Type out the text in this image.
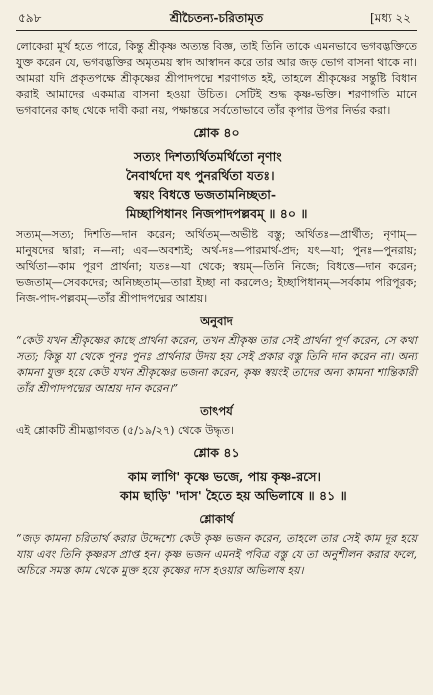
৫৯৮	শ্রীচৈতন্য-চরিতামৃত	[মধ্য ২২

লোকেরা মূর্খ হতে পারে, কিন্তু শ্রীকৃষ্ণ অত্যন্ত বিজ্ঞ, তাই তিনি তাকে এমনভাবে ভগবদ্ভক্তিতে যুক্ত করেন যে, ভগবদ্ভক্তির অমৃতময় স্বাদ আস্বাদন করে তার আর জড় ভোগ বাসনা থাকে না। আমরা যদি প্রকৃতপক্ষে শ্রীকৃষ্ণের শ্রীপাদপদ্মে শরণাগত হই, তাহলে শ্রীকৃষ্ণের সন্তুষ্টি বিধান করাই আমাদের একমাত্র বাসনা হওয়া উচিত। সেটিই শুদ্ধ কৃষ্ণ-ভক্তি। শরণাগতি মানে ভগবানের কাছ থেকে দাবী করা নয়, পক্ষান্তরে সর্বতোভাবে তাঁর কৃপার উপর নির্ভর করা।

শ্লোক ৪০
সত্যং দিশত্যর্থিতমর্থিতো নৃণাং
নৈবার্থদো যৎ পুনরর্থিতা যতঃ।
স্বয়ং বিধত্তে ভজতামনিচ্ছতা-
মিচ্ছাপিধানং নিজপাদপল্লবম্ ॥ ৪০ ॥

সত্যম্—সত্য; দিশতি—দান করেন; অর্থিতম্—অভীষ্ট বস্তু; অর্থিতঃ—প্রার্থীত; নৃণাম্—মানুষদের দ্বারা; ন—না; এব—অবশ্যই; অর্থ-দঃ—পারমার্থ-প্রদ; যৎ—যা; পুনঃ—পুনরায়; অর্থিতা—কাম পূরণ প্রার্থনা; যতঃ—যা থেকে; স্বয়ম্—তিনি নিজে; বিধত্তে—দান করেন; ভজতাম্—সেবকদের; অনিচ্ছতাম্—তারা ইচ্ছা না করলেও; ইচ্ছাপিধানম্—সর্বকাম পরিপূরক; নিজ-পাদ-পল্লবম্—তাঁর শ্রীপাদপদ্মের আশ্রয়।

অনুবাদ

“কেউ যখন শ্রীকৃষ্ণের কাছে প্রার্থনা করেন, তখন শ্রীকৃষ্ণ তার সেই প্রার্থনা পূর্ণ করেন, সে কথা সত্য; কিন্তু যা থেকে পুনঃ পুনঃ প্রার্থনার উদয় হয় সেই প্রকার বস্তু তিনি দান করেন না। অন্য কামনা যুক্ত হয়ে কেউ যখন শ্রীকৃষ্ণের ভজনা করেন, কৃষ্ণ স্বয়ংই তাদের অন্য কামনা শান্তিকারী তাঁর শ্রীপাদপদ্মের আশ্রয় দান করেন।”

তাৎপর্য

এই শ্লোকটি শ্রীমদ্ভাগবত (৫/১৯/২৭) থেকে উদ্ধৃত।

শ্লোক ৪১
কাম লাগি' কৃষ্ণে ভজে, পায় কৃষ্ণ-রসে।
কাম ছাড়ি' 'দাস' হৈতে হয় অভিলাষে ॥ ৪১ ॥
শ্লোকার্থ

“জড় কামনা চরিতার্থ করার উদ্দেশ্যে কেউ কৃষ্ণ ভজন করেন, তাহলে তার সেই কাম দূর হয়ে যায় এবং তিনি কৃষ্ণরস প্রাপ্ত হন। কৃষ্ণ ভজন এমনই পবিত্র বস্তু যে তা অনুশীলন করার ফলে, অচিরে সমস্ত কাম থেকে মুক্ত হয়ে কৃষ্ণের দাস হওয়ার অভিলাষ হয়।
